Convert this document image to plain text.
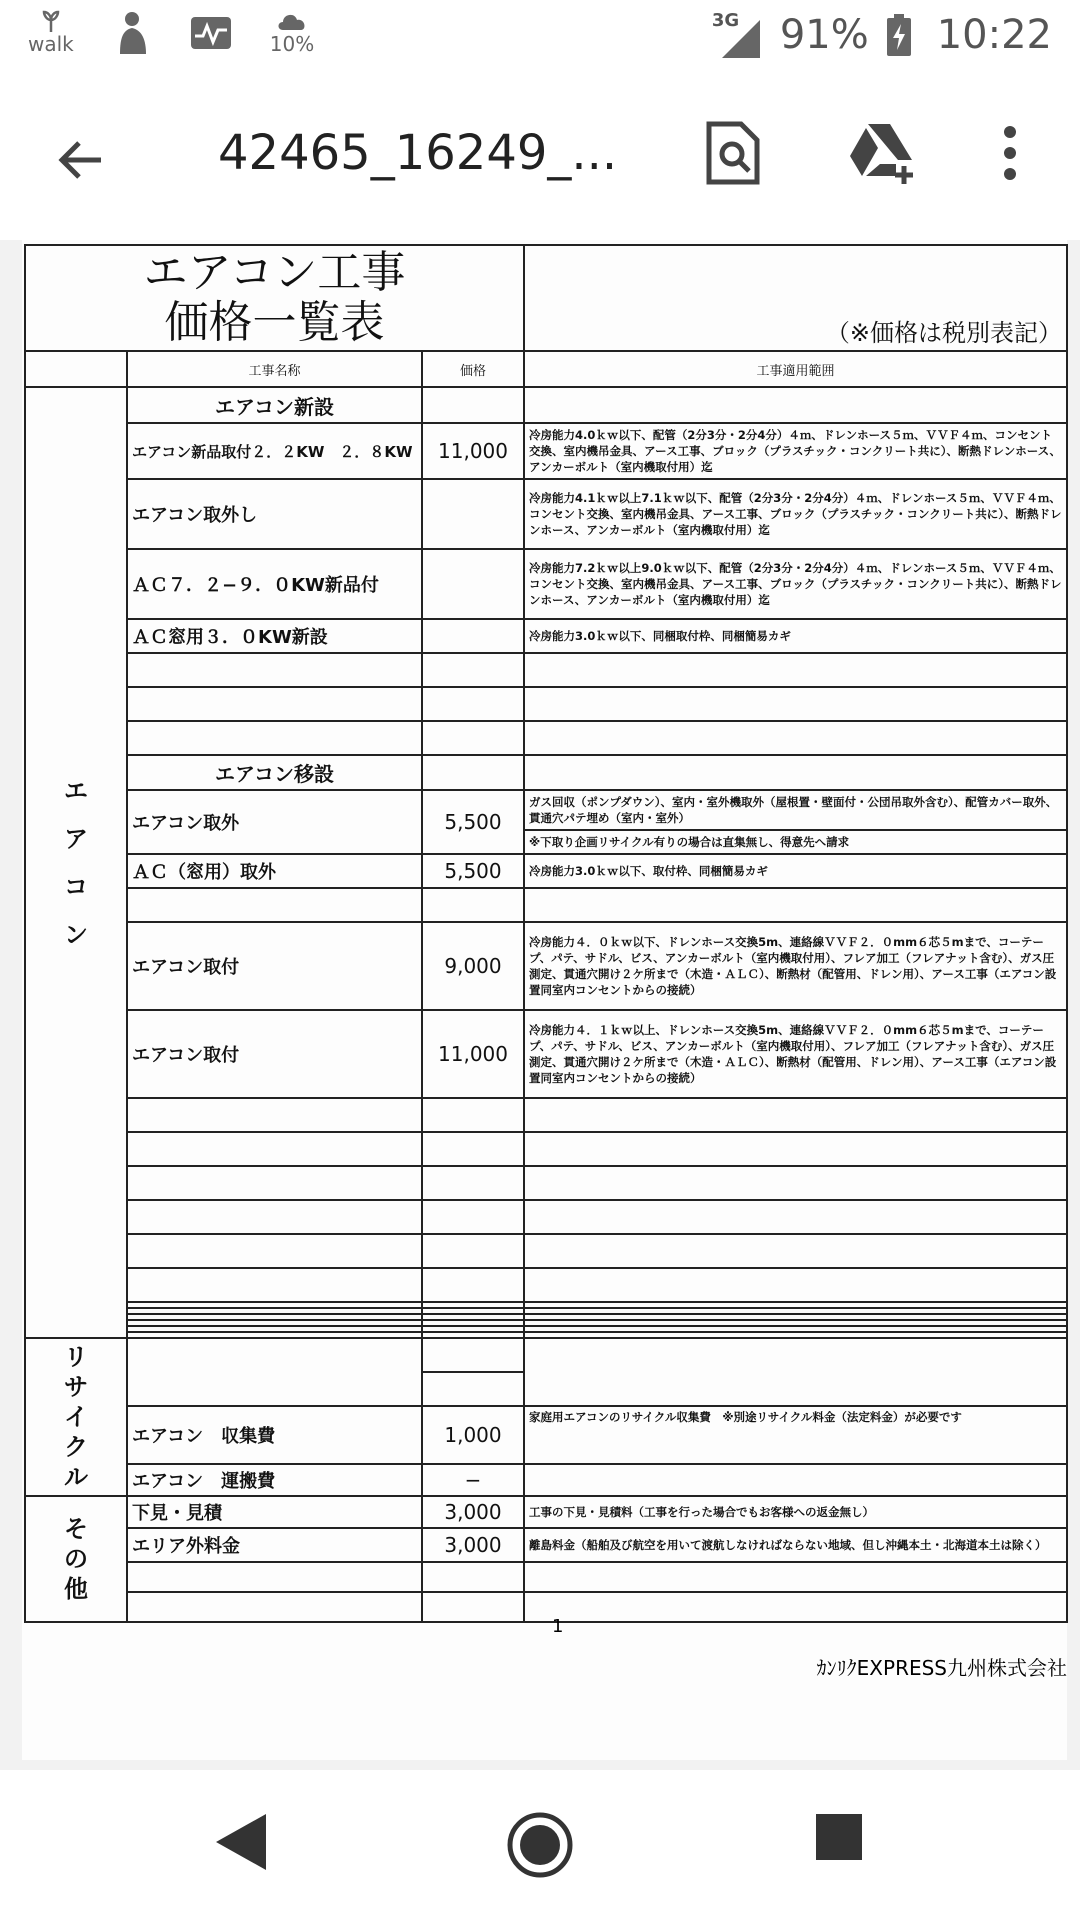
walk	10%
3G 91% 10:22
42465_16249_...
エアコン工事
価格一覧表			（※価格は税別表記）
	工事名称	価格	工事適用範囲

エ
ア
コ
ン	エアコン新設		
	エアコン新品取付２．２KW　２．８KW	11,000	冷房能力4.0ｋｗ以下、配管（2分3分・2分4分）４ｍ、ドレンホース５ｍ、ＶＶＦ４ｍ、コンセント交換、室内機吊金具、アース工事、ブロック（プラスチック・コンクリート共に）、断熱ドレンホース、アンカーボルト（室内機取付用）迄
	エアコン取外し		冷房能力4.1ｋｗ以上7.1ｋｗ以下、配管（2分3分・2分4分）４ｍ、ドレンホース５ｍ、ＶＶＦ４ｍ、コンセント交換、室内機吊金具、アース工事、ブロック（プラスチック・コンクリート共に）、断熱ドレンホース、アンカーボルト（室内機取付用）迄
	ＡＣ７．２−９．０KW新品付		冷房能力7.2ｋｗ以上9.0ｋｗ以下、配管（2分3分・2分4分）４ｍ、ドレンホース５ｍ、ＶＶＦ４ｍ、コンセント交換、室内機吊金具、アース工事、ブロック（プラスチック・コンクリート共に）、断熱ドレンホース、アンカーボルト（室内機取付用）迄
	ＡＣ窓用３．０KW新設		冷房能力3.0ｋｗ以下、同梱取付枠、同梱簡易カギ

	エアコン移設		
	エアコン取外	5,500	ガス回収（ポンプダウン）、室内・室外機取外（屋根置・壁面付・公団吊取外含む）、配管カバー取外、貫通穴パテ埋め（室内・室外）
			※下取り企画リサイクル有りの場合は直集無し、得意先へ請求
	ＡＣ（窓用）取外	5,500	冷房能力3.0ｋｗ以下、取付枠、同梱簡易カギ

	エアコン取付	9,000	冷房能力４．０ｋｗ以下、ドレンホース交換5m、連絡線ＶＶＦ２．０mm６芯５mまで、コーテープ、パテ、サドル、ビス、アンカーボルト（室内機取付用）、フレア加工（フレアナット含む）、ガス圧測定、貫通穴開け２ケ所まで（木造・ＡＬＣ）、断熱材（配管用、ドレン用）、アース工事（エアコン設置同室内コンセントからの接続）
	エアコン取付	11,000	冷房能力４．１ｋｗ以上、ドレンホース交換5m、連絡線ＶＶＦ２．０mm６芯５mまで、コーテープ、パテ、サドル、ビス、アンカーボルト（室内機取付用）、フレア加工（フレアナット含む）、ガス圧測定、貫通穴開け２ケ所まで（木造・ＡＬＣ）、断熱材（配管用、ドレン用）、アース工事（エアコン設置同室内コンセントからの接続）

リ
サ
イ
ク
ル			

	エアコン　収集費	1,000	家庭用エアコンのリサイクル収集費　※別途リサイクル料金（法定料金）が必要です
	エアコン　運搬費	−	

そ
の
他	下見・見積	3,000	工事の下見・見積料（工事を行った場合でもお客様への返金無し）
	エリア外料金	3,000	離島料金（船舶及び航空を用いて渡航しなければならない地域、但し沖縄本土・北海道本土は除く）

1
ｶﾝﾘｸEXPRESS九州株式会社
